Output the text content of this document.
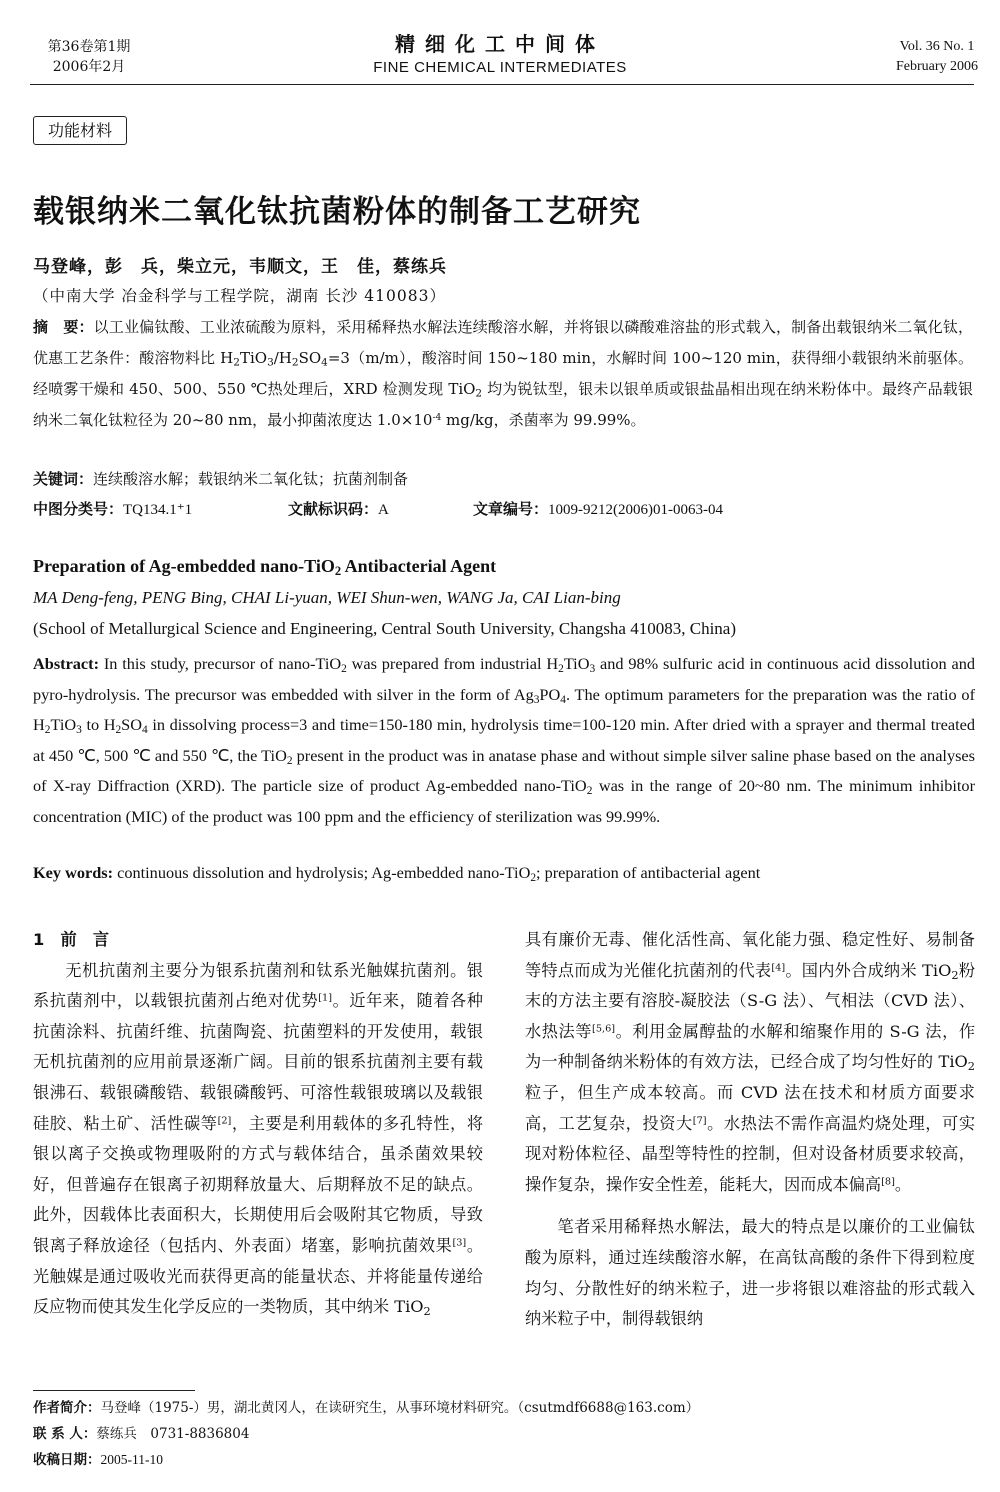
第36卷第1期
2006年2月
精细化工中间体
FINE CHEMICAL INTERMEDIATES
Vol. 36 No. 1
February 2006
功能材料
载银纳米二氧化钛抗菌粉体的制备工艺研究
马登峰，彭　兵，柴立元，韦顺文，王　佳，蔡练兵
（中南大学 冶金科学与工程学院，湖南 长沙 410083）
摘　要：以工业偏钛酸、工业浓硫酸为原料，采用稀释热水解法连续酸溶水解，并将银以磷酸难溶盐的形式载入，制备出载银纳米二氧化钛，优惠工艺条件：酸溶物料比 $H_2TiO_3/H_2SO_4=3(m/m)$，酸溶时间 150~180 min，水解时间 100~120 min，获得细小载银纳米前驱体。经喷雾干燥和 450、500、550 ℃热处理后，XRD 检测发现 TiO$_2$ 均为锐钛型，银未以银单质或银盐晶相出现在纳米粉体中。最终产品载银纳米二氧化钛粒径为 20~80 nm，最小抑菌浓度达 $1.0\times 10^{-4}$ mg/kg，杀菌率为 99.99%。
关键词：连续酸溶水解；载银纳米二氧化钛；抗菌剂制备
中图分类号：TQ134.1⁺1	文献标识码：A	文章编号：1009-9212(2006)01-0063-04
Preparation of Ag-embedded nano-TiO$_2$ Antibacterial Agent
MA Deng-feng, PENG Bing, CHAI Li-yuan, WEI Shun-wen, WANG Ja, CAI Lian-bing
(School of Metallurgical Science and Engineering, Central South University, Changsha 410083, China)
Abstract: In this study, precursor of nano-TiO$_2$ was prepared from industrial $H_2TiO_3$ and 98% sulfuric acid in continuous acid dissolution and pyro-hydrolysis. The precursor was embedded with silver in the form of $Ag_3PO_4$. The optimum parameters for the preparation was the ratio of $H_2TiO_3$ to $H_2SO_4$ in dissolving process=3 and time=150-180 min, hydrolysis time=100-120 min. After dried with a sprayer and thermal treated at 450 ℃, 500 ℃ and 550 ℃, the TiO$_2$ present in the product was in anatase phase and without simple silver saline phase based on the analyses of X-ray Diffraction (XRD). The particle size of product Ag-embedded nano-TiO$_2$ was in the range of 20~80 nm. The minimum inhibitor concentration (MIC) of the product was 100 ppm and the efficiency of sterilization was 99.99%.
Key words: continuous dissolution and hydrolysis; Ag-embedded nano-TiO$_2$; preparation of antibacterial agent

1　前　言

无机抗菌剂主要分为银系抗菌剂和钛系光触媒抗菌剂。银系抗菌剂中，以载银抗菌剂占绝对优势[1]。近年来，随着各种抗菌涂料、抗菌纤维、抗菌陶瓷、抗菌塑料的开发使用，载银无机抗菌剂的应用前景逐渐广阔。目前的银系抗菌剂主要有载银沸石、载银磷酸锆、载银磷酸钙、可溶性载银玻璃以及载银硅胶、粘土矿、活性碳等[2]，主要是利用载体的多孔特性，将银以离子交换或物理吸附的方式与载体结合，虽杀菌效果较好，但普遍存在银离子初期释放量大、后期释放不足的缺点。此外，因载体比表面积大，长期使用后会吸附其它物质，导致银离子释放途径（包括内、外表面）堵塞，影响抗菌效果[3]。光触媒是通过吸收光而获得更高的能量状态、并将能量传递给反应物而使其发生化学反应的一类物质，其中纳米 TiO$_2$

具有廉价无毒、催化活性高、氧化能力强、稳定性好、易制备等特点而成为光催化抗菌剂的代表[4]。国内外合成纳米 TiO$_2$粉末的方法主要有溶胶-凝胶法（S-G 法）、气相法（CVD 法）、水热法等[5,6]。利用金属醇盐的水解和缩聚作用的 S-G 法，作为一种制备纳米粉体的有效方法，已经合成了均匀性好的 TiO$_2$粒子，但生产成本较高。而 CVD 法在技术和材质方面要求高，工艺复杂，投资大[7]。水热法不需作高温灼烧处理，可实现对粉体粒径、晶型等特性的控制，但对设备材质要求较高，操作复杂，操作安全性差，能耗大，因而成本偏高[8]。

笔者采用稀释热水解法，最大的特点是以廉价的工业偏钛酸为原料，通过连续酸溶水解，在高钛高酸的条件下得到粒度均匀、分散性好的纳米粒子，进一步将银以难溶盐的形式载入纳米粒子中，制得载银纳

作者简介：马登峰（1975-）男，湖北黄冈人，在读研究生，从事环境材料研究。（csutmdf6688@163.com）
联 系 人：蔡练兵　0731-8836804
收稿日期：2005-11-10
